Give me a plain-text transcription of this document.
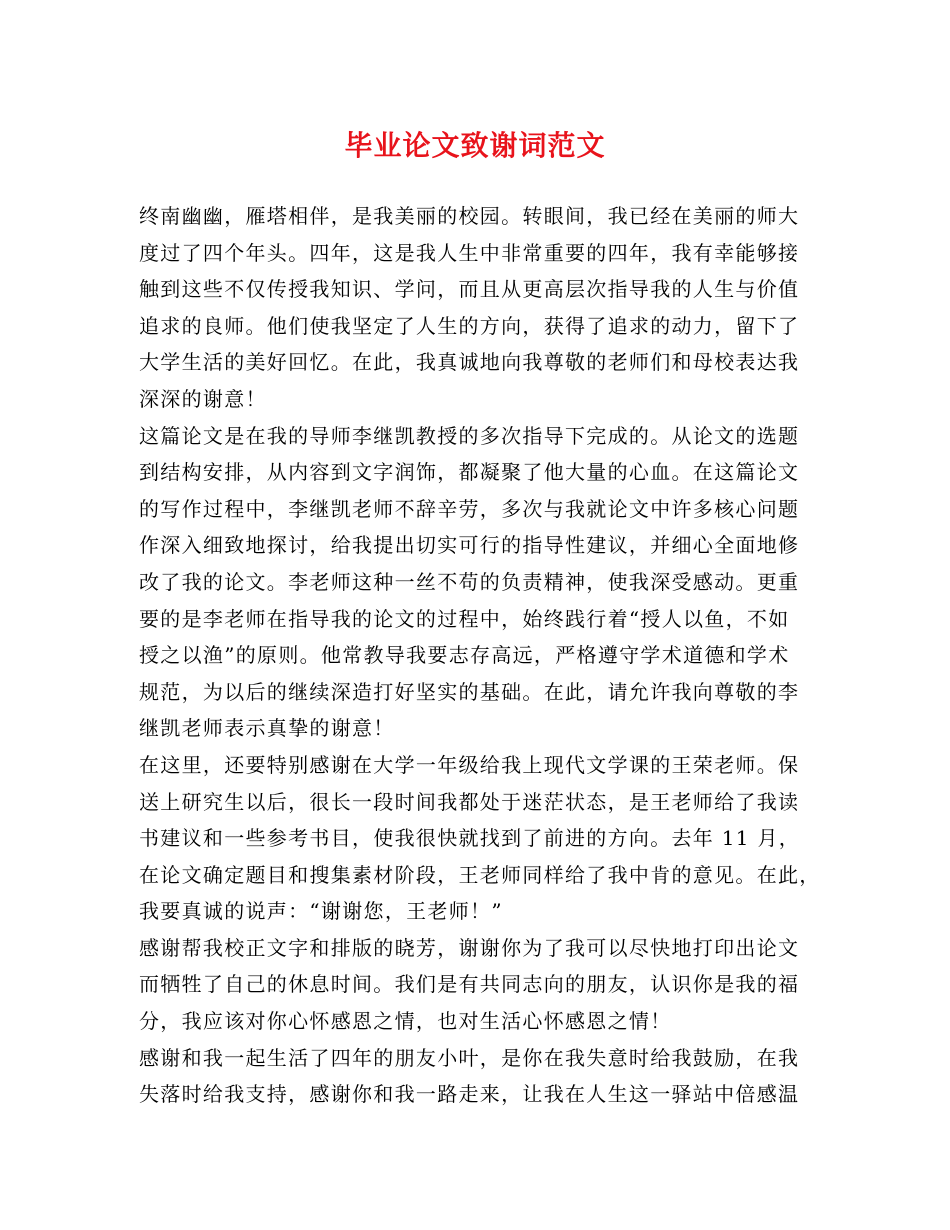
毕业论文致谢词范文
终南幽幽，雁塔相伴，是我美丽的校园。转眼间，我已经在美丽的师大
度过了四个年头。四年，这是我人生中非常重要的四年，我有幸能够接
触到这些不仅传授我知识、学问，而且从更高层次指导我的人生与价值
追求的良师。他们使我坚定了人生的方向，获得了追求的动力，留下了
大学生活的美好回忆。在此，我真诚地向我尊敬的老师们和母校表达我
深深的谢意！
这篇论文是在我的导师李继凯教授的多次指导下完成的。从论文的选题
到结构安排，从内容到文字润饰，都凝聚了他大量的心血。在这篇论文
的写作过程中，李继凯老师不辞辛劳，多次与我就论文中许多核心问题
作深入细致地探讨，给我提出切实可行的指导性建议，并细心全面地修
改了我的论文。李老师这种一丝不苟的负责精神，使我深受感动。更重
要的是李老师在指导我的论文的过程中，始终践行着“授人以鱼，不如
授之以渔”的原则。他常教导我要志存高远，严格遵守学术道德和学术
规范，为以后的继续深造打好坚实的基础。在此，请允许我向尊敬的李
继凯老师表示真挚的谢意！
在这里，还要特别感谢在大学一年级给我上现代文学课的王荣老师。保
送上研究生以后，很长一段时间我都处于迷茫状态，是王老师给了我读
书建议和一些参考书目，使我很快就找到了前进的方向。去年 11 月，
在论文确定题目和搜集素材阶段，王老师同样给了我中肯的意见。在此，
我要真诚的说声：“谢谢您，王老师！”
感谢帮我校正文字和排版的晓芳，谢谢你为了我可以尽快地打印出论文
而牺牲了自己的休息时间。我们是有共同志向的朋友，认识你是我的福
分，我应该对你心怀感恩之情，也对生活心怀感恩之情！
感谢和我一起生活了四年的朋友小叶，是你在我失意时给我鼓励，在我
失落时给我支持，感谢你和我一路走来，让我在人生这一驿站中倍感温
